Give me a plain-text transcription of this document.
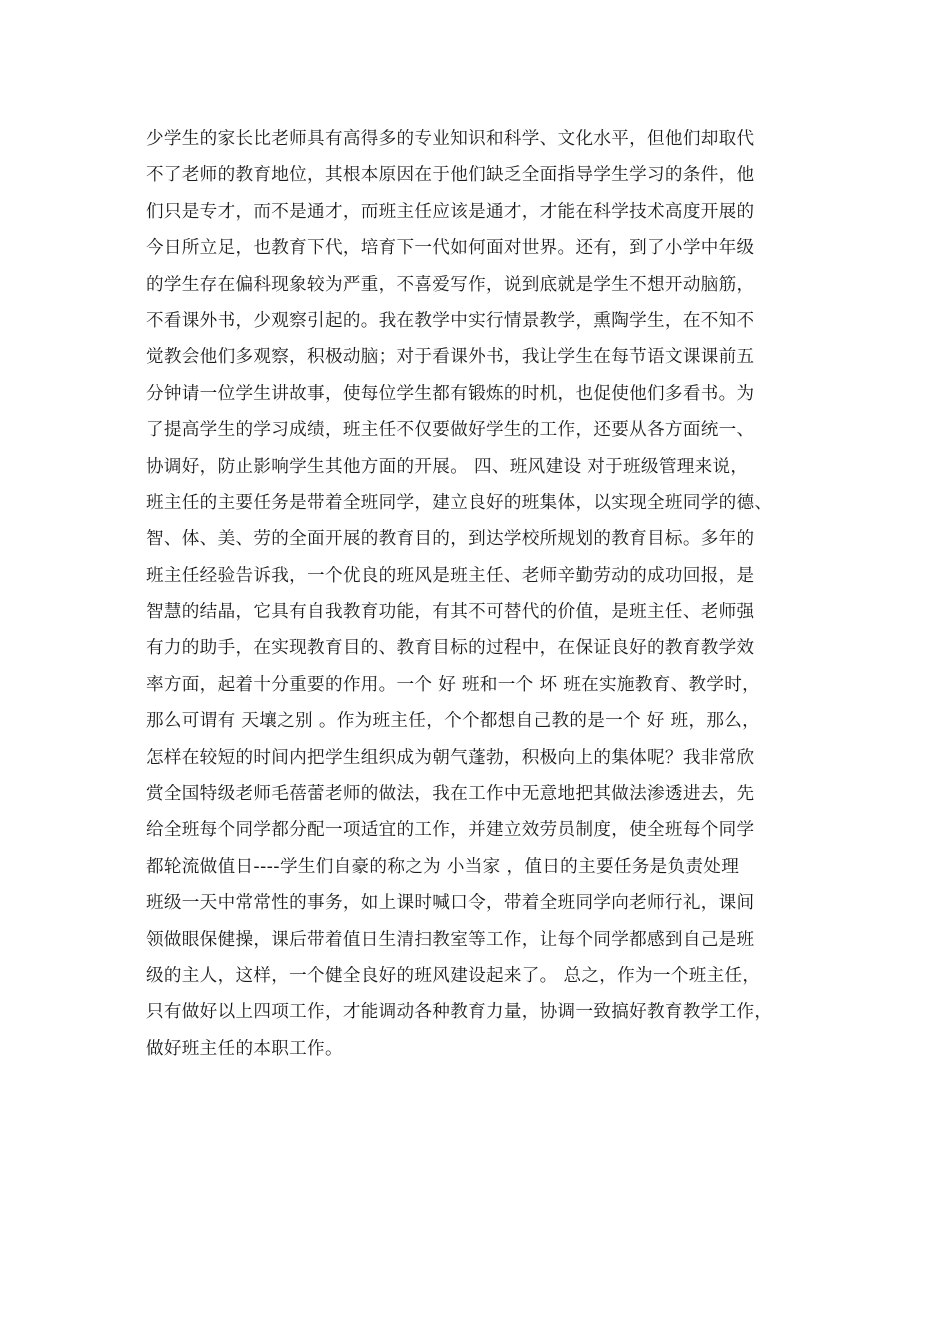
少学生的家长比老师具有高得多的专业知识和科学、文化水平，但他们却取代
不了老师的教育地位，其根本原因在于他们缺乏全面指导学生学习的条件，他
们只是专才，而不是通才，而班主任应该是通才，才能在科学技术高度开展的
今日所立足，也教育下代，培育下一代如何面对世界。还有，到了小学中年级
的学生存在偏科现象较为严重，不喜爱写作，说到底就是学生不想开动脑筋，
不看课外书，少观察引起的。我在教学中实行情景教学，熏陶学生，在不知不
觉教会他们多观察，积极动脑；对于看课外书，我让学生在每节语文课课前五
分钟请一位学生讲故事，使每位学生都有锻炼的时机，也促使他们多看书。为
了提高学生的学习成绩，班主任不仅要做好学生的工作，还要从各方面统一、
协调好，防止影响学生其他方面的开展。 四、班风建设 对于班级管理来说，
班主任的主要任务是带着全班同学，建立良好的班集体，以实现全班同学的德、
智、体、美、劳的全面开展的教育目的，到达学校所规划的教育目标。多年的
班主任经验告诉我，一个优良的班风是班主任、老师辛勤劳动的成功回报，是
智慧的结晶，它具有自我教育功能，有其不可替代的价值，是班主任、老师强
有力的助手，在实现教育目的、教育目标的过程中，在保证良好的教育教学效
率方面，起着十分重要的作用。一个 好 班和一个 坏 班在实施教育、教学时，
那么可谓有 天壤之别 。作为班主任，个个都想自己教的是一个 好 班，那么，
怎样在较短的时间内把学生组织成为朝气蓬勃，积极向上的集体呢？我非常欣
赏全国特级老师毛蓓蕾老师的做法，我在工作中无意地把其做法渗透进去，先
给全班每个同学都分配一项适宜的工作，并建立效劳员制度，使全班每个同学
都轮流做值日----学生们自豪的称之为 小当家 ，值日的主要任务是负责处理
班级一天中常常性的事务，如上课时喊口令，带着全班同学向老师行礼，课间
领做眼保健操，课后带着值日生清扫教室等工作，让每个同学都感到自己是班
级的主人，这样，一个健全良好的班风建设起来了。 总之，作为一个班主任，
只有做好以上四项工作，才能调动各种教育力量，协调一致搞好教育教学工作，
做好班主任的本职工作。
